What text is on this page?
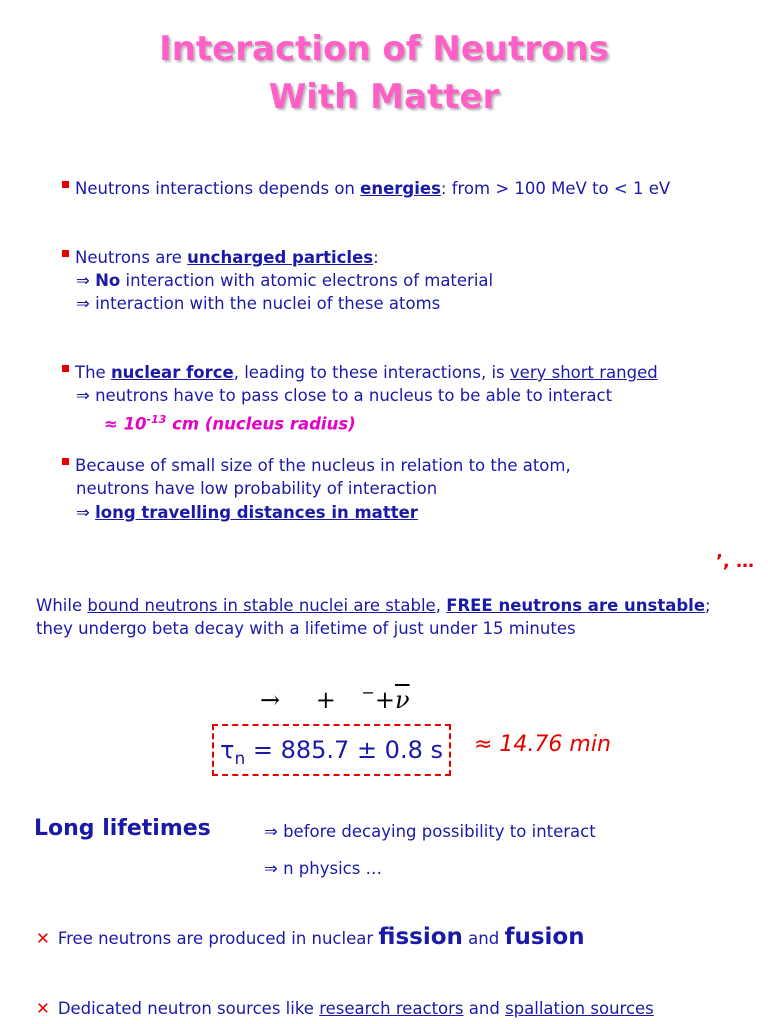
Interaction of Neutrons
With Matter
Neutrons interactions depends on energies: from > 100 MeV to < 1 eV
Neutrons are uncharged particles:
⇒ No interaction with atomic electrons of material
⇒ interaction with the nuclei of these atoms
The nuclear force, leading to these interactions, is very short ranged
⇒ neutrons have to pass close to a nucleus to be able to interact
≈ $10^{-13}$ cm (nucleus radius)
Because of small size of the nucleus in relation to the atom,
neutrons have low probability of interaction
⇒ long travelling distances in matter
’, …
While bound neutrons in stable nuclei are stable, FREE neutrons are unstable;
they undergo beta decay with a lifetime of just under 15 minutes
→ + $^-+\overline{\nu}$
$\tau_n = 885.7 \pm 0.8$ s	≈ 14.76 min
Long lifetimes	⇒ before decaying possibility to interact
⇒ n physics …
✕ Free neutrons are produced in nuclear fission and fusion
✕ Dedicated neutron sources like research reactors and spallation sources
